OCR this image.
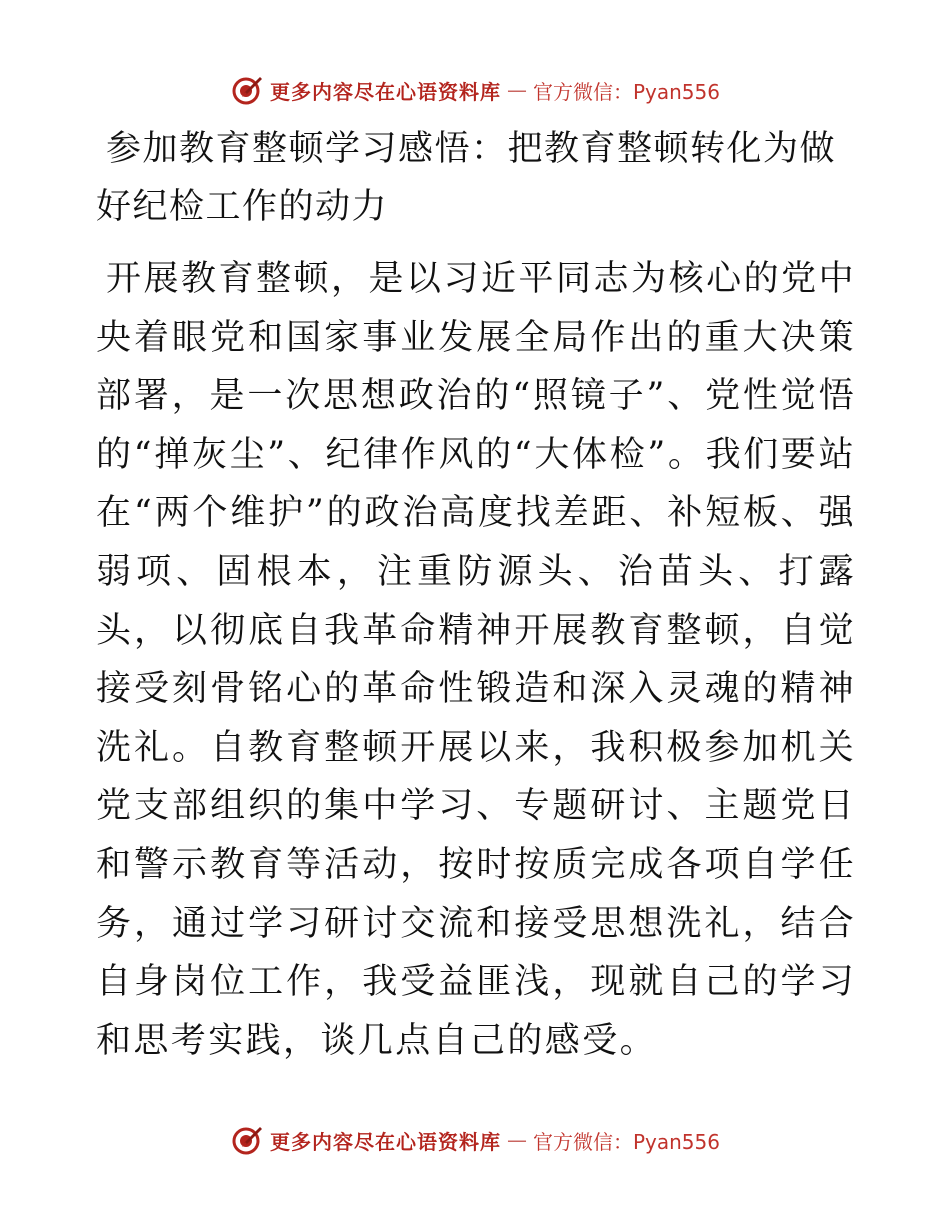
更多内容尽在心语资料库 — 官方微信：Pyan556
参加教育整顿学习感悟：把教育整顿转化为做好纪检工作的动力

开展教育整顿，是以习近平同志为核心的党中央着眼党和国家事业发展全局作出的重大决策部署，是一次思想政治的“照镜子”、党性觉悟的“掸灰尘”、纪律作风的“大体检”。我们要站在“两个维护”的政治高度找差距、补短板、强弱项、固根本，注重防源头、治苗头、打露头，以彻底自我革命精神开展教育整顿，自觉接受刻骨铭心的革命性锻造和深入灵魂的精神洗礼。自教育整顿开展以来，我积极参加机关党支部组织的集中学习、专题研讨、主题党日和警示教育等活动，按时按质完成各项自学任务，通过学习研讨交流和接受思想洗礼，结合自身岗位工作，我受益匪浅，现就自己的学习和思考实践，谈几点自己的感受。

更多内容尽在心语资料库 — 官方微信：Pyan556
